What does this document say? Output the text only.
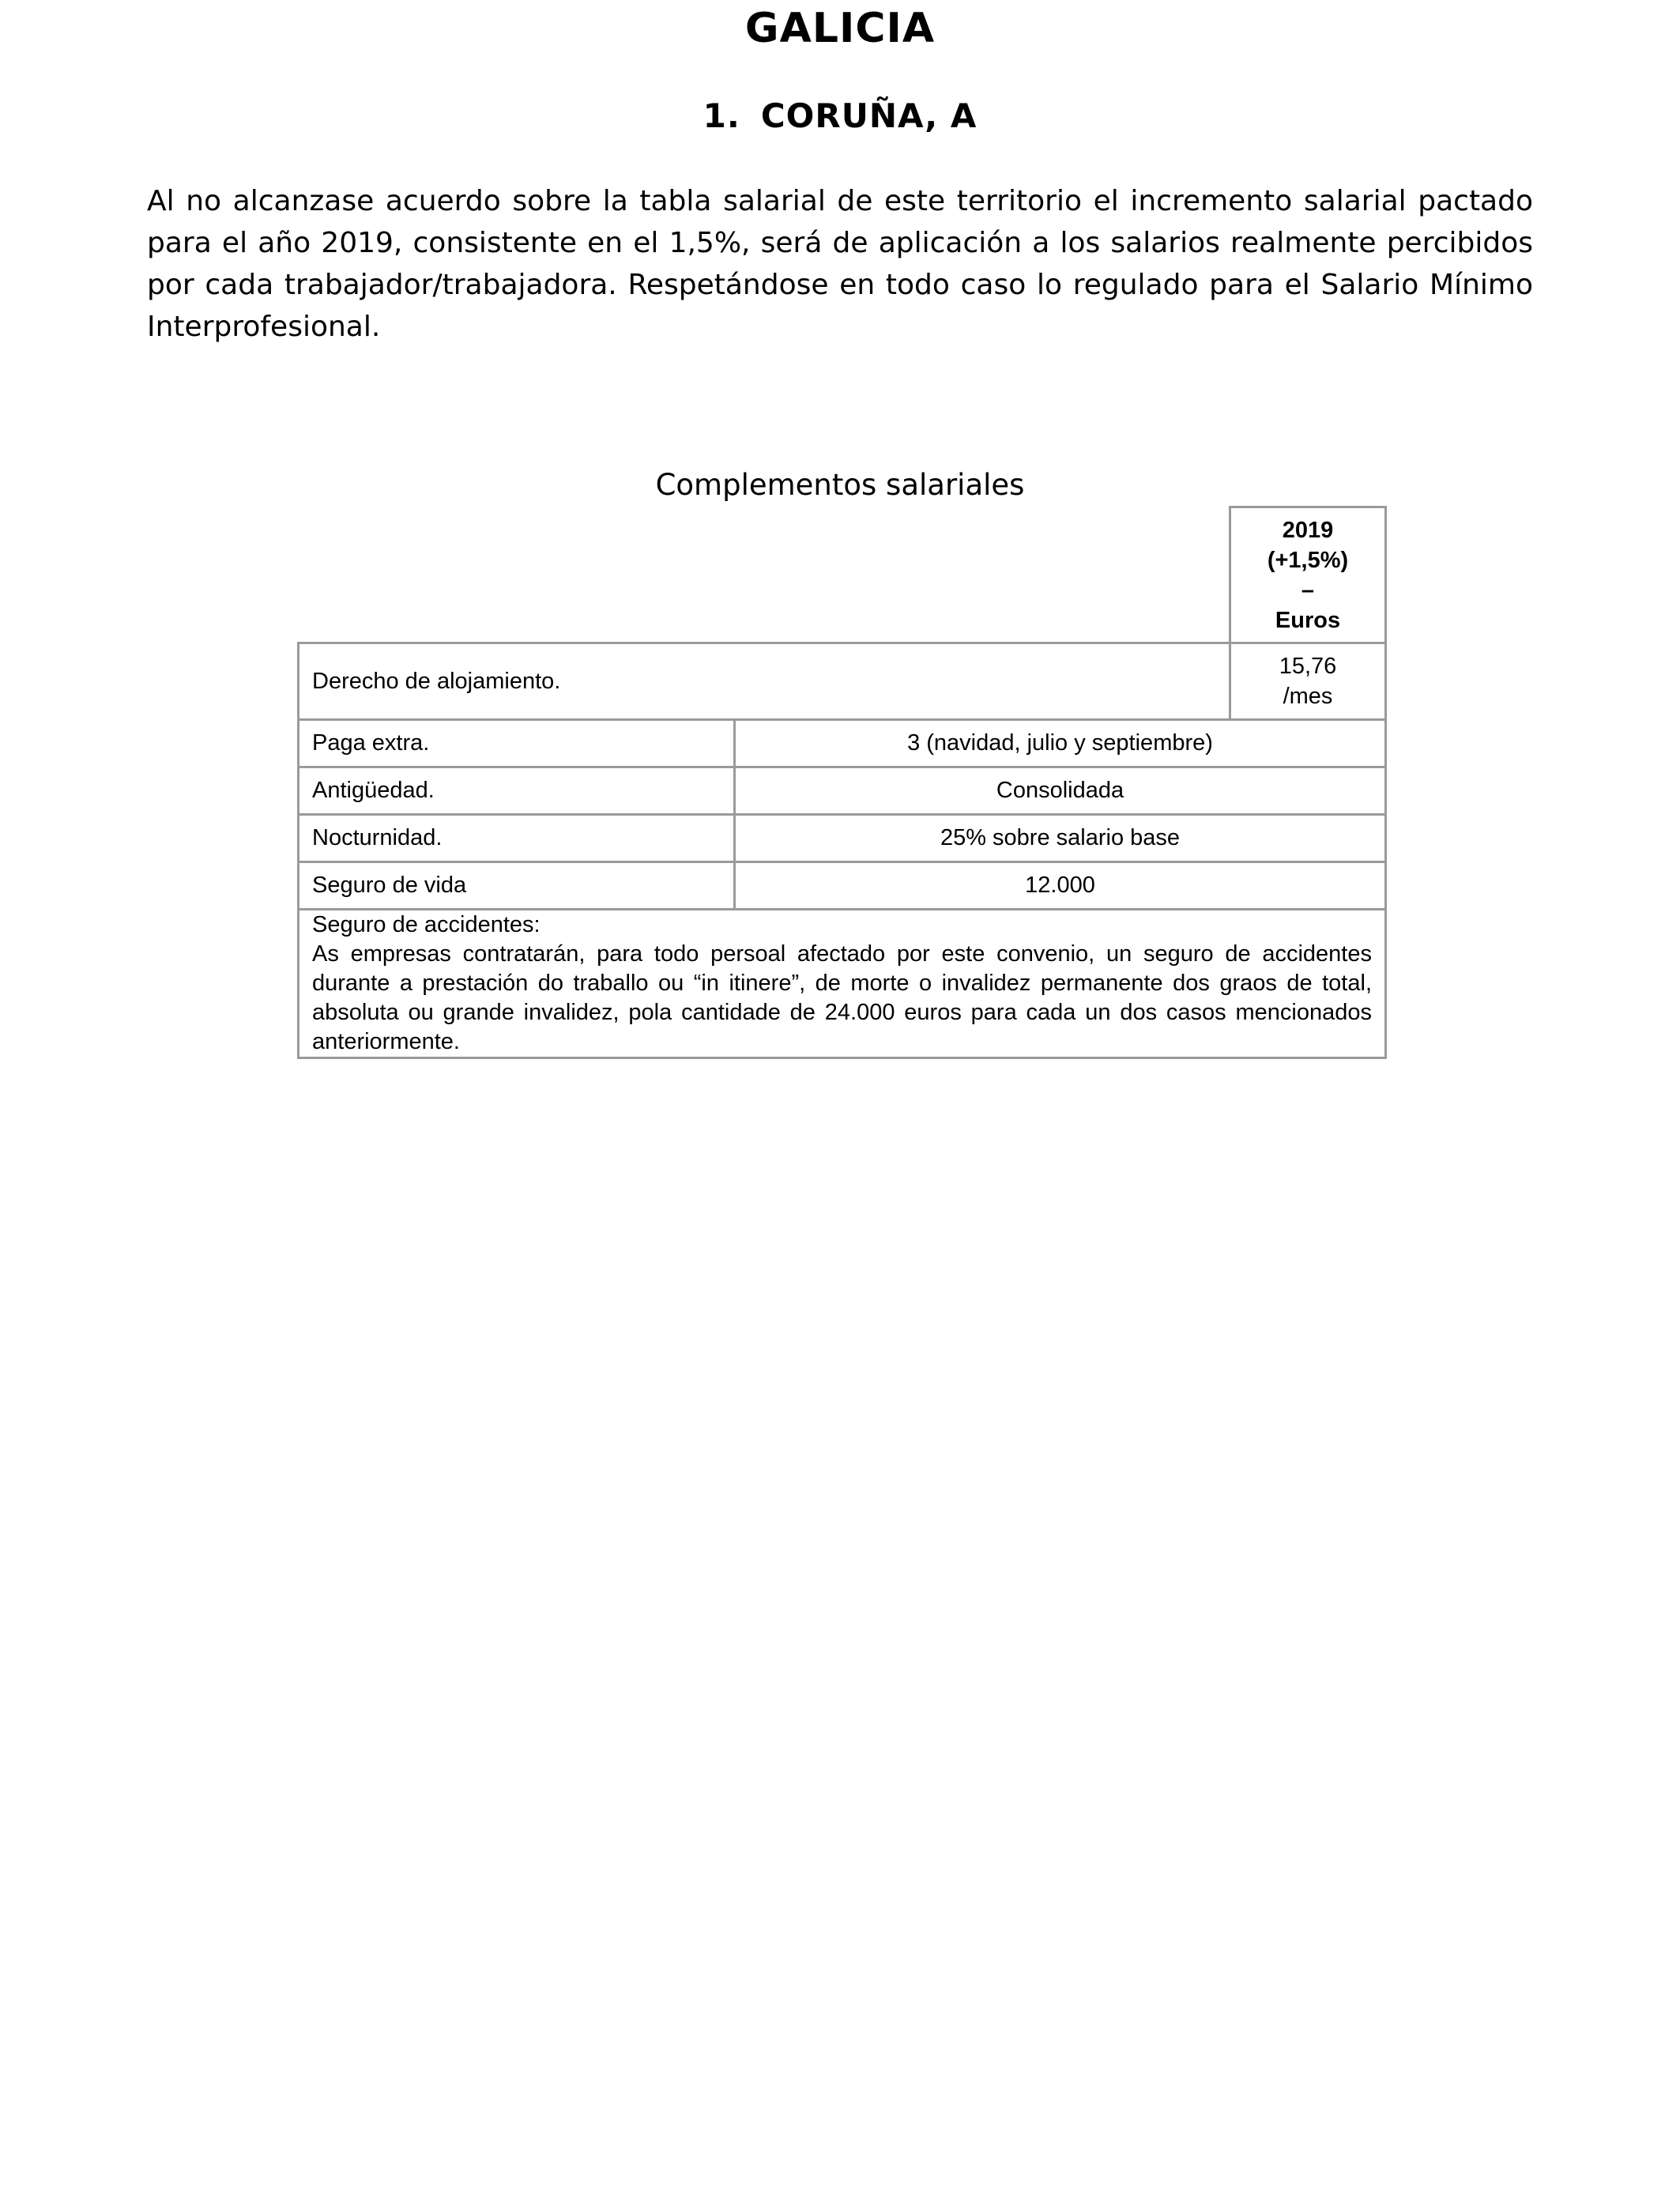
GALICIA
1. CORUÑA, A

Al no alcanzase acuerdo sobre la tabla salarial de este territorio el incremento salarial pactado para el año 2019, consistente en el 1,5%, será de aplicación a los salarios realmente percibidos por cada trabajador/trabajadora. Respetándose en todo caso lo regulado para el Salario Mínimo Interprofesional.

Complementos salariales

		2019
(+1,5%)
–
Euros

Derecho de alojamiento.		15,76
/mes

Paga extra.	3 (navidad, julio y septiembre)	
Antigüedad.	Consolidada	
Nocturnidad.	25% sobre salario base	
Seguro de vida	12.000	

Seguro de accidentes:
As empresas contratarán, para todo persoal afectado por este convenio, un seguro de accidentes durante a prestación do traballo ou “in itinere”, de morte o invalidez permanente dos graos de total, absoluta ou grande invalidez, pola cantidade de 24.000 euros para cada un dos casos mencionados anteriormente.		
